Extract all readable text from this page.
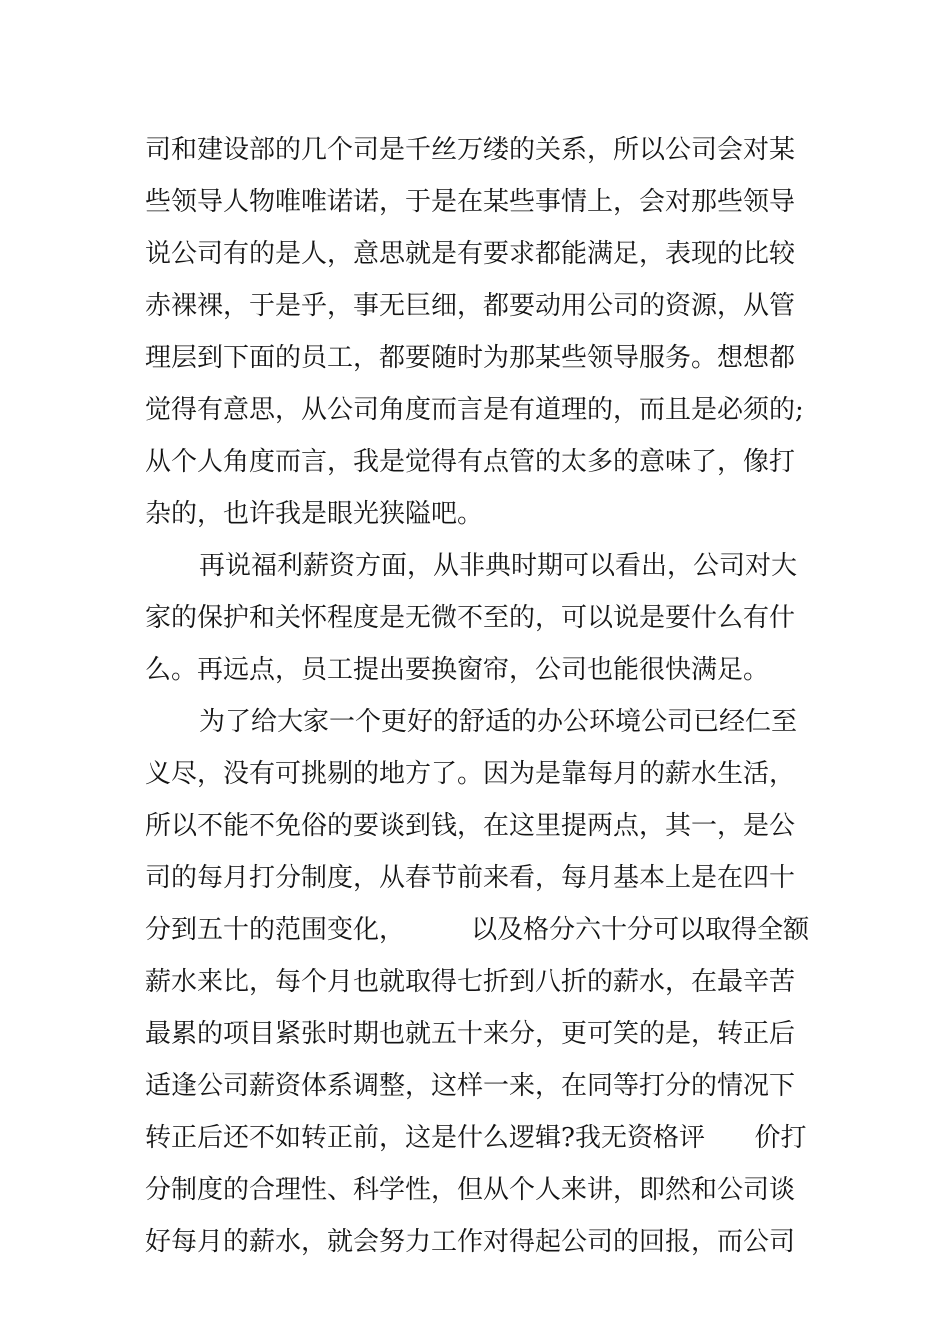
司和建设部的几个司是千丝万缕的关系，所以公司会对某
些领导人物唯唯诺诺，于是在某些事情上，会对那些领导
说公司有的是人，意思就是有要求都能满足，表现的比较
赤裸裸，于是乎，事无巨细，都要动用公司的资源，从管
理层到下面的员工，都要随时为那某些领导服务。想想都
觉得有意思，从公司角度而言是有道理的，而且是必须的;
从个人角度而言，我是觉得有点管的太多的意味了，像打
杂的，也许我是眼光狭隘吧。
再说福利薪资方面，从非典时期可以看出，公司对大
家的保护和关怀程度是无微不至的，可以说是要什么有什
么。再远点，员工提出要换窗帘，公司也能很快满足。
为了给大家一个更好的舒适的办公环境公司已经仁至
义尽，没有可挑剔的地方了。因为是靠每月的薪水生活，
所以不能不免俗的要谈到钱，在这里提两点，其一，是公
司的每月打分制度，从春节前来看，每月基本上是在四十
分到五十的范围变化，        以及格分六十分可以取得全额
薪水来比，每个月也就取得七折到八折的薪水，在最辛苦
最累的项目紧张时期也就五十来分，更可笑的是，转正后
适逢公司薪资体系调整，这样一来，在同等打分的情况下
转正后还不如转正前，这是什么逻辑?我无资格评      价打
分制度的合理性、科学性，但从个人来讲，即然和公司谈
好每月的薪水，就会努力工作对得起公司的回报，而公司
